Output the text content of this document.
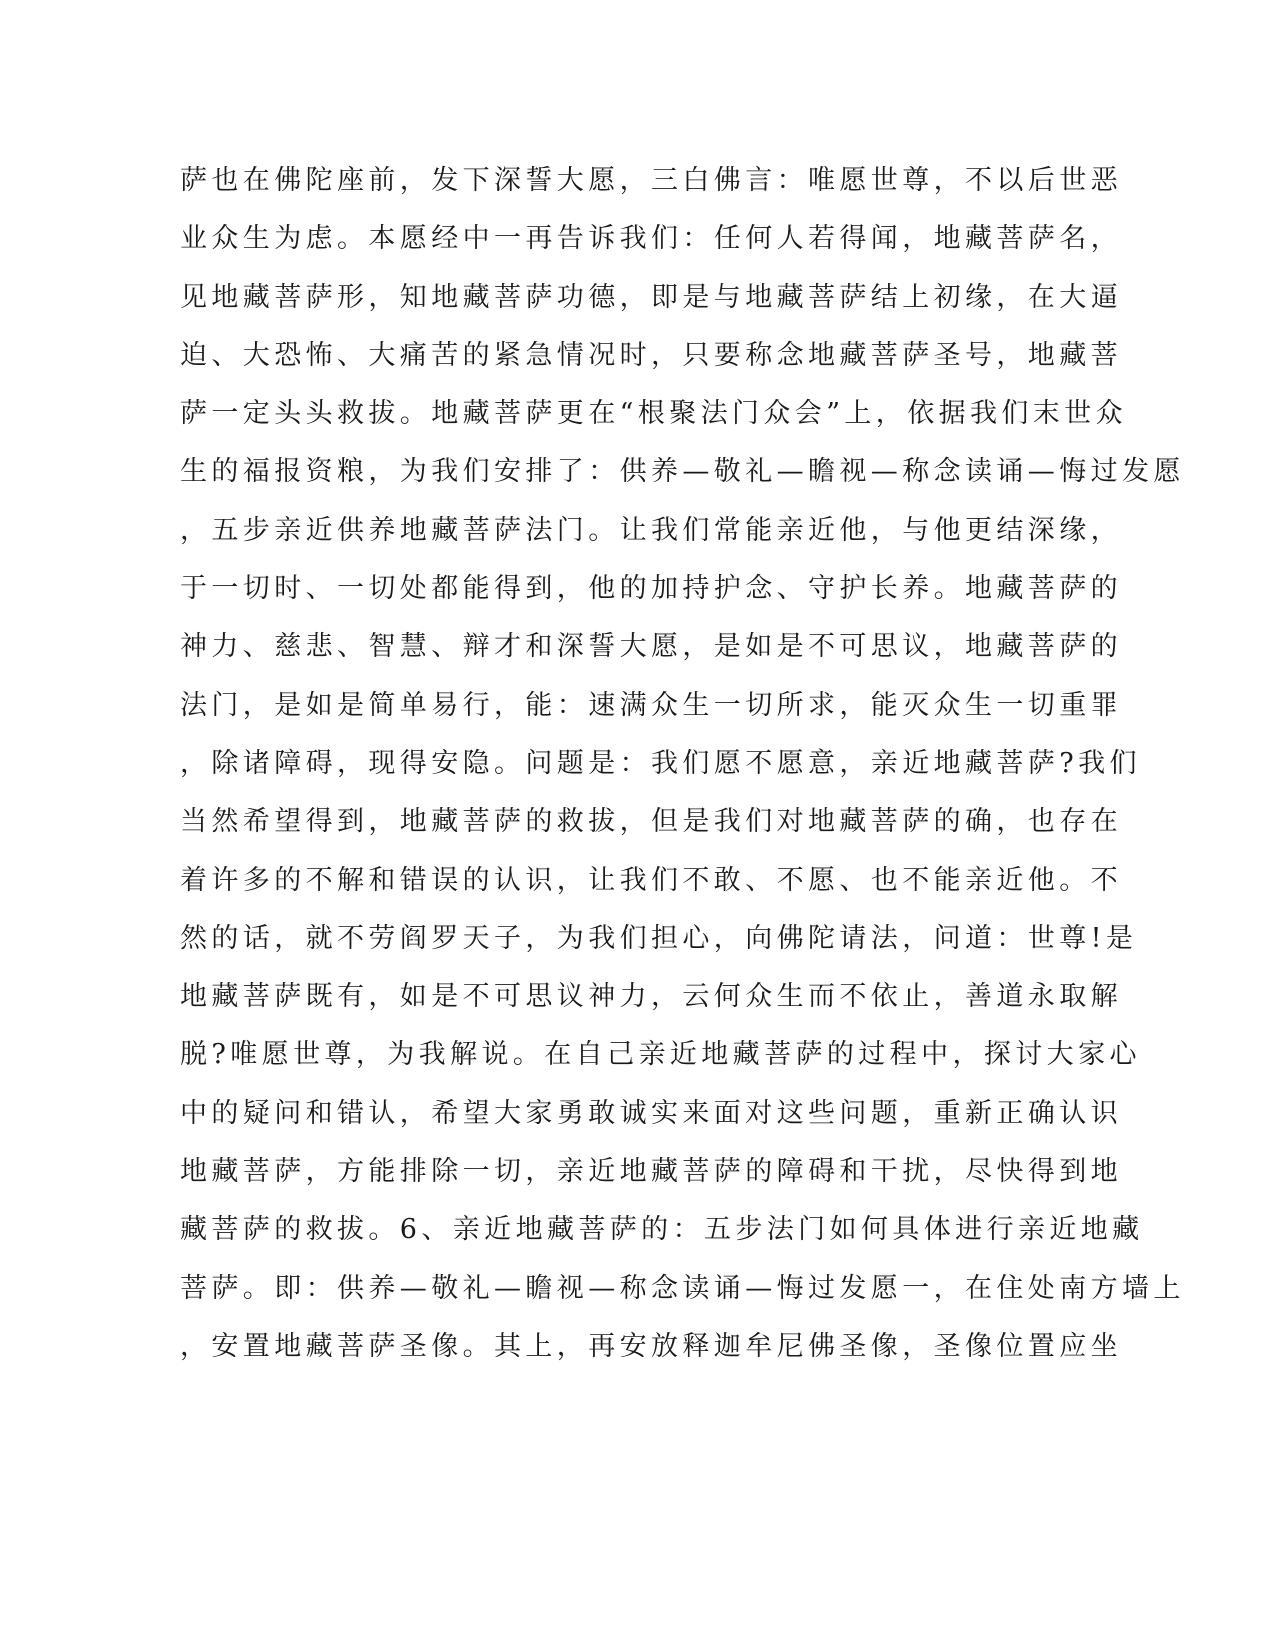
萨也在佛陀座前，发下深誓大愿，三白佛言：唯愿世尊，不以后世恶
业众生为虑。本愿经中一再告诉我们：任何人若得闻，地藏菩萨名，
见地藏菩萨形，知地藏菩萨功德，即是与地藏菩萨结上初缘，在大逼
迫、大恐怖、大痛苦的紧急情况时，只要称念地藏菩萨圣号，地藏菩
萨一定头头救拔。地藏菩萨更在“根聚法门众会”上，依据我们末世众
生的福报资粮，为我们安排了：供养—敬礼—瞻视—称念读诵—悔过发愿
，五步亲近供养地藏菩萨法门。让我们常能亲近他，与他更结深缘，
于一切时、一切处都能得到，他的加持护念、守护长养。地藏菩萨的
神力、慈悲、智慧、辩才和深誓大愿，是如是不可思议，地藏菩萨的
法门，是如是简单易行，能：速满众生一切所求，能灭众生一切重罪
，除诸障碍，现得安隐。问题是：我们愿不愿意，亲近地藏菩萨?我们
当然希望得到，地藏菩萨的救拔，但是我们对地藏菩萨的确，也存在
着许多的不解和错误的认识，让我们不敢、不愿、也不能亲近他。不
然的话，就不劳阎罗天子，为我们担心，向佛陀请法，问道：世尊!是
地藏菩萨既有，如是不可思议神力，云何众生而不依止，善道永取解
脱?唯愿世尊，为我解说。在自己亲近地藏菩萨的过程中，探讨大家心
中的疑问和错认，希望大家勇敢诚实来面对这些问题，重新正确认识
地藏菩萨，方能排除一切，亲近地藏菩萨的障碍和干扰，尽快得到地
藏菩萨的救拔。6、亲近地藏菩萨的：五步法门如何具体进行亲近地藏
菩萨。即：供养—敬礼—瞻视—称念读诵—悔过发愿一，在住处南方墙上
，安置地藏菩萨圣像。其上，再安放释迦牟尼佛圣像，圣像位置应坐
